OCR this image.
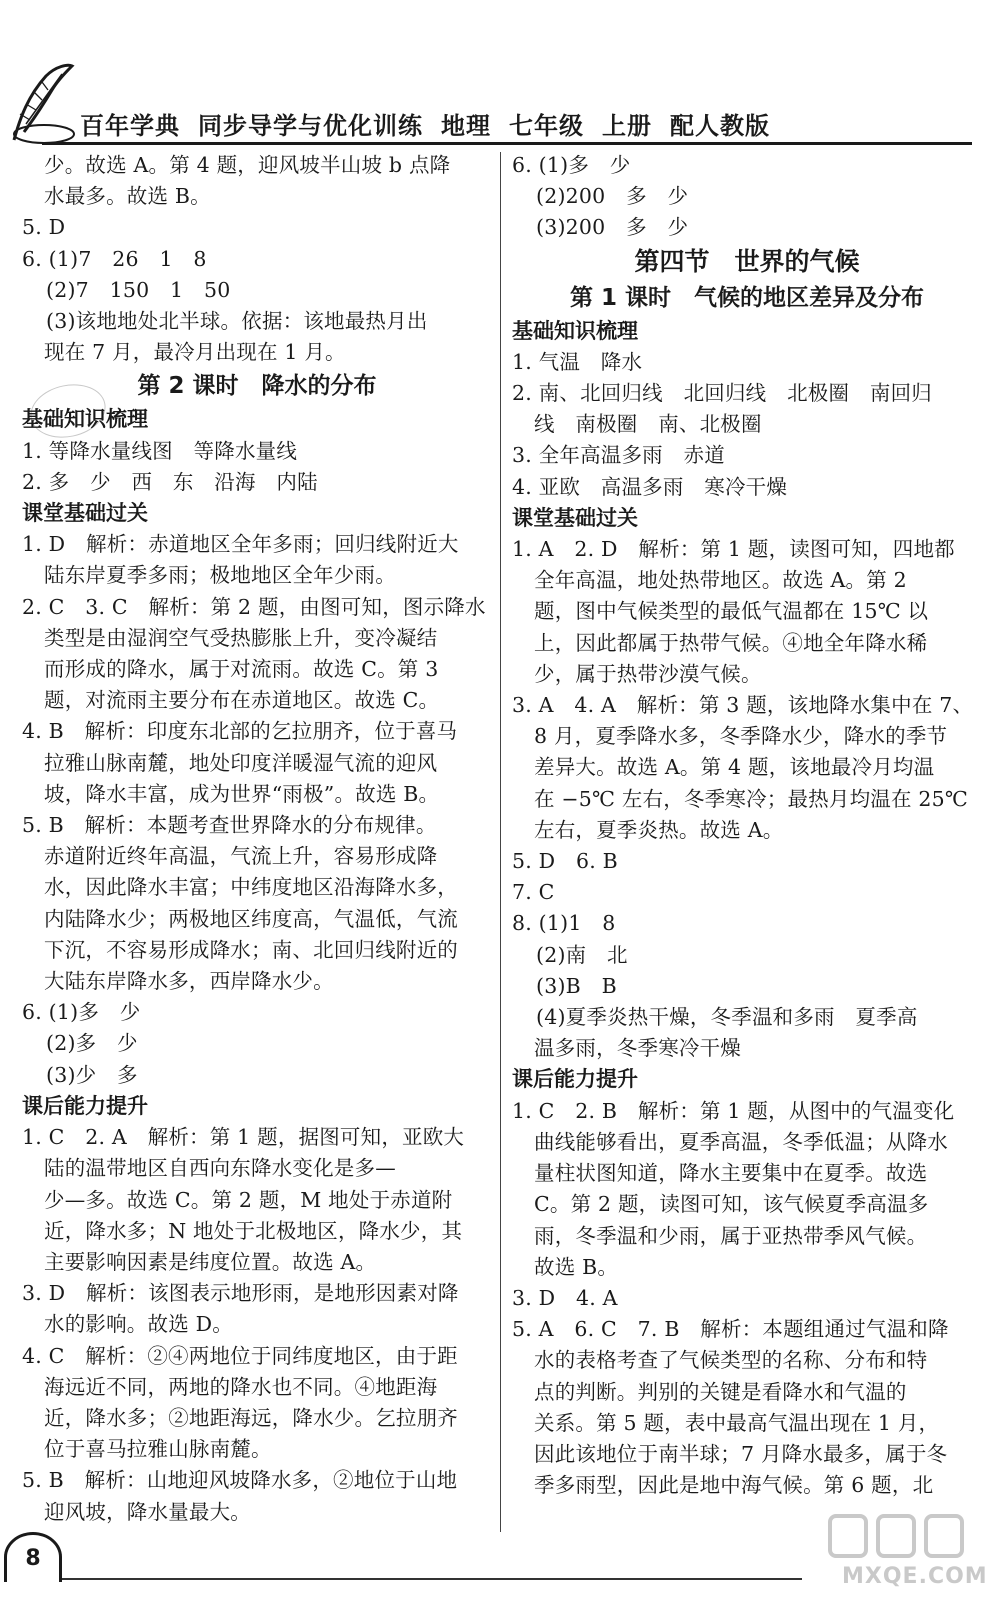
百年学典 同步导学与优化训练 地理 七年级 上册 配人教版
少。故选 A。第 4 题，迎风坡半山坡 b 点降
水最多。故选 B。
5. D
6. (1)7　26　1　8
(2)7　150　1　50
(3)该地地处北半球。依据：该地最热月出
现在 7 月，最冷月出现在 1 月。
第 2 课时　降水的分布
基础知识梳理
1. 等降水量线图　等降水量线
2. 多　少　西　东　沿海　内陆
课堂基础过关
1. D　解析：赤道地区全年多雨；回归线附近大
陆东岸夏季多雨；极地地区全年少雨。
2. C　3. C　解析：第 2 题，由图可知，图示降水
类型是由湿润空气受热膨胀上升，变冷凝结
而形成的降水，属于对流雨。故选 C。第 3
题，对流雨主要分布在赤道地区。故选 C。
4. B　解析：印度东北部的乞拉朋齐，位于喜马
拉雅山脉南麓，地处印度洋暖湿气流的迎风
坡，降水丰富，成为世界“雨极”。故选 B。
5. B　解析：本题考查世界降水的分布规律。
赤道附近终年高温，气流上升，容易形成降
水，因此降水丰富；中纬度地区沿海降水多，
内陆降水少；两极地区纬度高，气温低，气流
下沉，不容易形成降水；南、北回归线附近的
大陆东岸降水多，西岸降水少。
6. (1)多　少
(2)多　少
(3)少　多
课后能力提升
1. C　2. A　解析：第 1 题，据图可知，亚欧大
陆的温带地区自西向东降水变化是多—
少—多。故选 C。第 2 题，M 地处于赤道附
近，降水多；N 地处于北极地区，降水少，其
主要影响因素是纬度位置。故选 A。
3. D　解析：该图表示地形雨，是地形因素对降
水的影响。故选 D。
4. C　解析：②④两地位于同纬度地区，由于距
海远近不同，两地的降水也不同。④地距海
近，降水多；②地距海远，降水少。乞拉朋齐
位于喜马拉雅山脉南麓。
5. B　解析：山地迎风坡降水多，②地位于山地
迎风坡，降水量最大。
6. (1)多　少
(2)200　多　少
(3)200　多　少
第四节　世界的气候
第 1 课时　气候的地区差异及分布
基础知识梳理
1. 气温　降水
2. 南、北回归线　北回归线　北极圈　南回归
线　南极圈　南、北极圈
3. 全年高温多雨　赤道
4. 亚欧　高温多雨　寒冷干燥
课堂基础过关
1. A　2. D　解析：第 1 题，读图可知，四地都
全年高温，地处热带地区。故选 A。第 2
题，图中气候类型的最低气温都在 15℃ 以
上，因此都属于热带气候。④地全年降水稀
少，属于热带沙漠气候。
3. A　4. A　解析：第 3 题，该地降水集中在 7、
8 月，夏季降水多，冬季降水少，降水的季节
差异大。故选 A。第 4 题，该地最冷月均温
在 −5℃ 左右，冬季寒冷；最热月均温在 25℃
左右，夏季炎热。故选 A。
5. D　6. B
7. C
8. (1)1　8
(2)南　北
(3)B　B
(4)夏季炎热干燥，冬季温和多雨　夏季高
温多雨，冬季寒冷干燥
课后能力提升
1. C　2. B　解析：第 1 题，从图中的气温变化
曲线能够看出，夏季高温，冬季低温；从降水
量柱状图知道，降水主要集中在夏季。故选
C。第 2 题，读图可知，该气候夏季高温多
雨，冬季温和少雨，属于亚热带季风气候。
故选 B。
3. D　4. A
5. A　6. C　7. B　解析：本题组通过气温和降
水的表格考查了气候类型的名称、分布和特
点的判断。判别的关键是看降水和气温的
关系。第 5 题，表中最高气温出现在 1 月，
因此该地位于南半球；7 月降水最多，属于冬
季多雨型，因此是地中海气候。第 6 题，北
8
MXQE.COM
